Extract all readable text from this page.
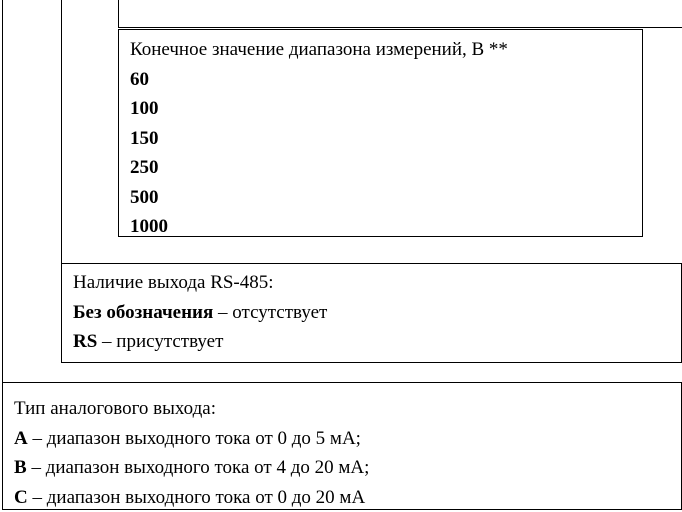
Конечное значение диапазона измерений, В **
60
100
150
250
500
1000
Наличие выхода RS-485:
Без обозначения – отсутствует
RS – присутствует
Тип аналогового выхода:
А – диапазон выходного тока от 0 до 5 мА;
В – диапазон выходного тока от 4 до 20 мА;
С – диапазон выходного тока от 0 до 20 мА
